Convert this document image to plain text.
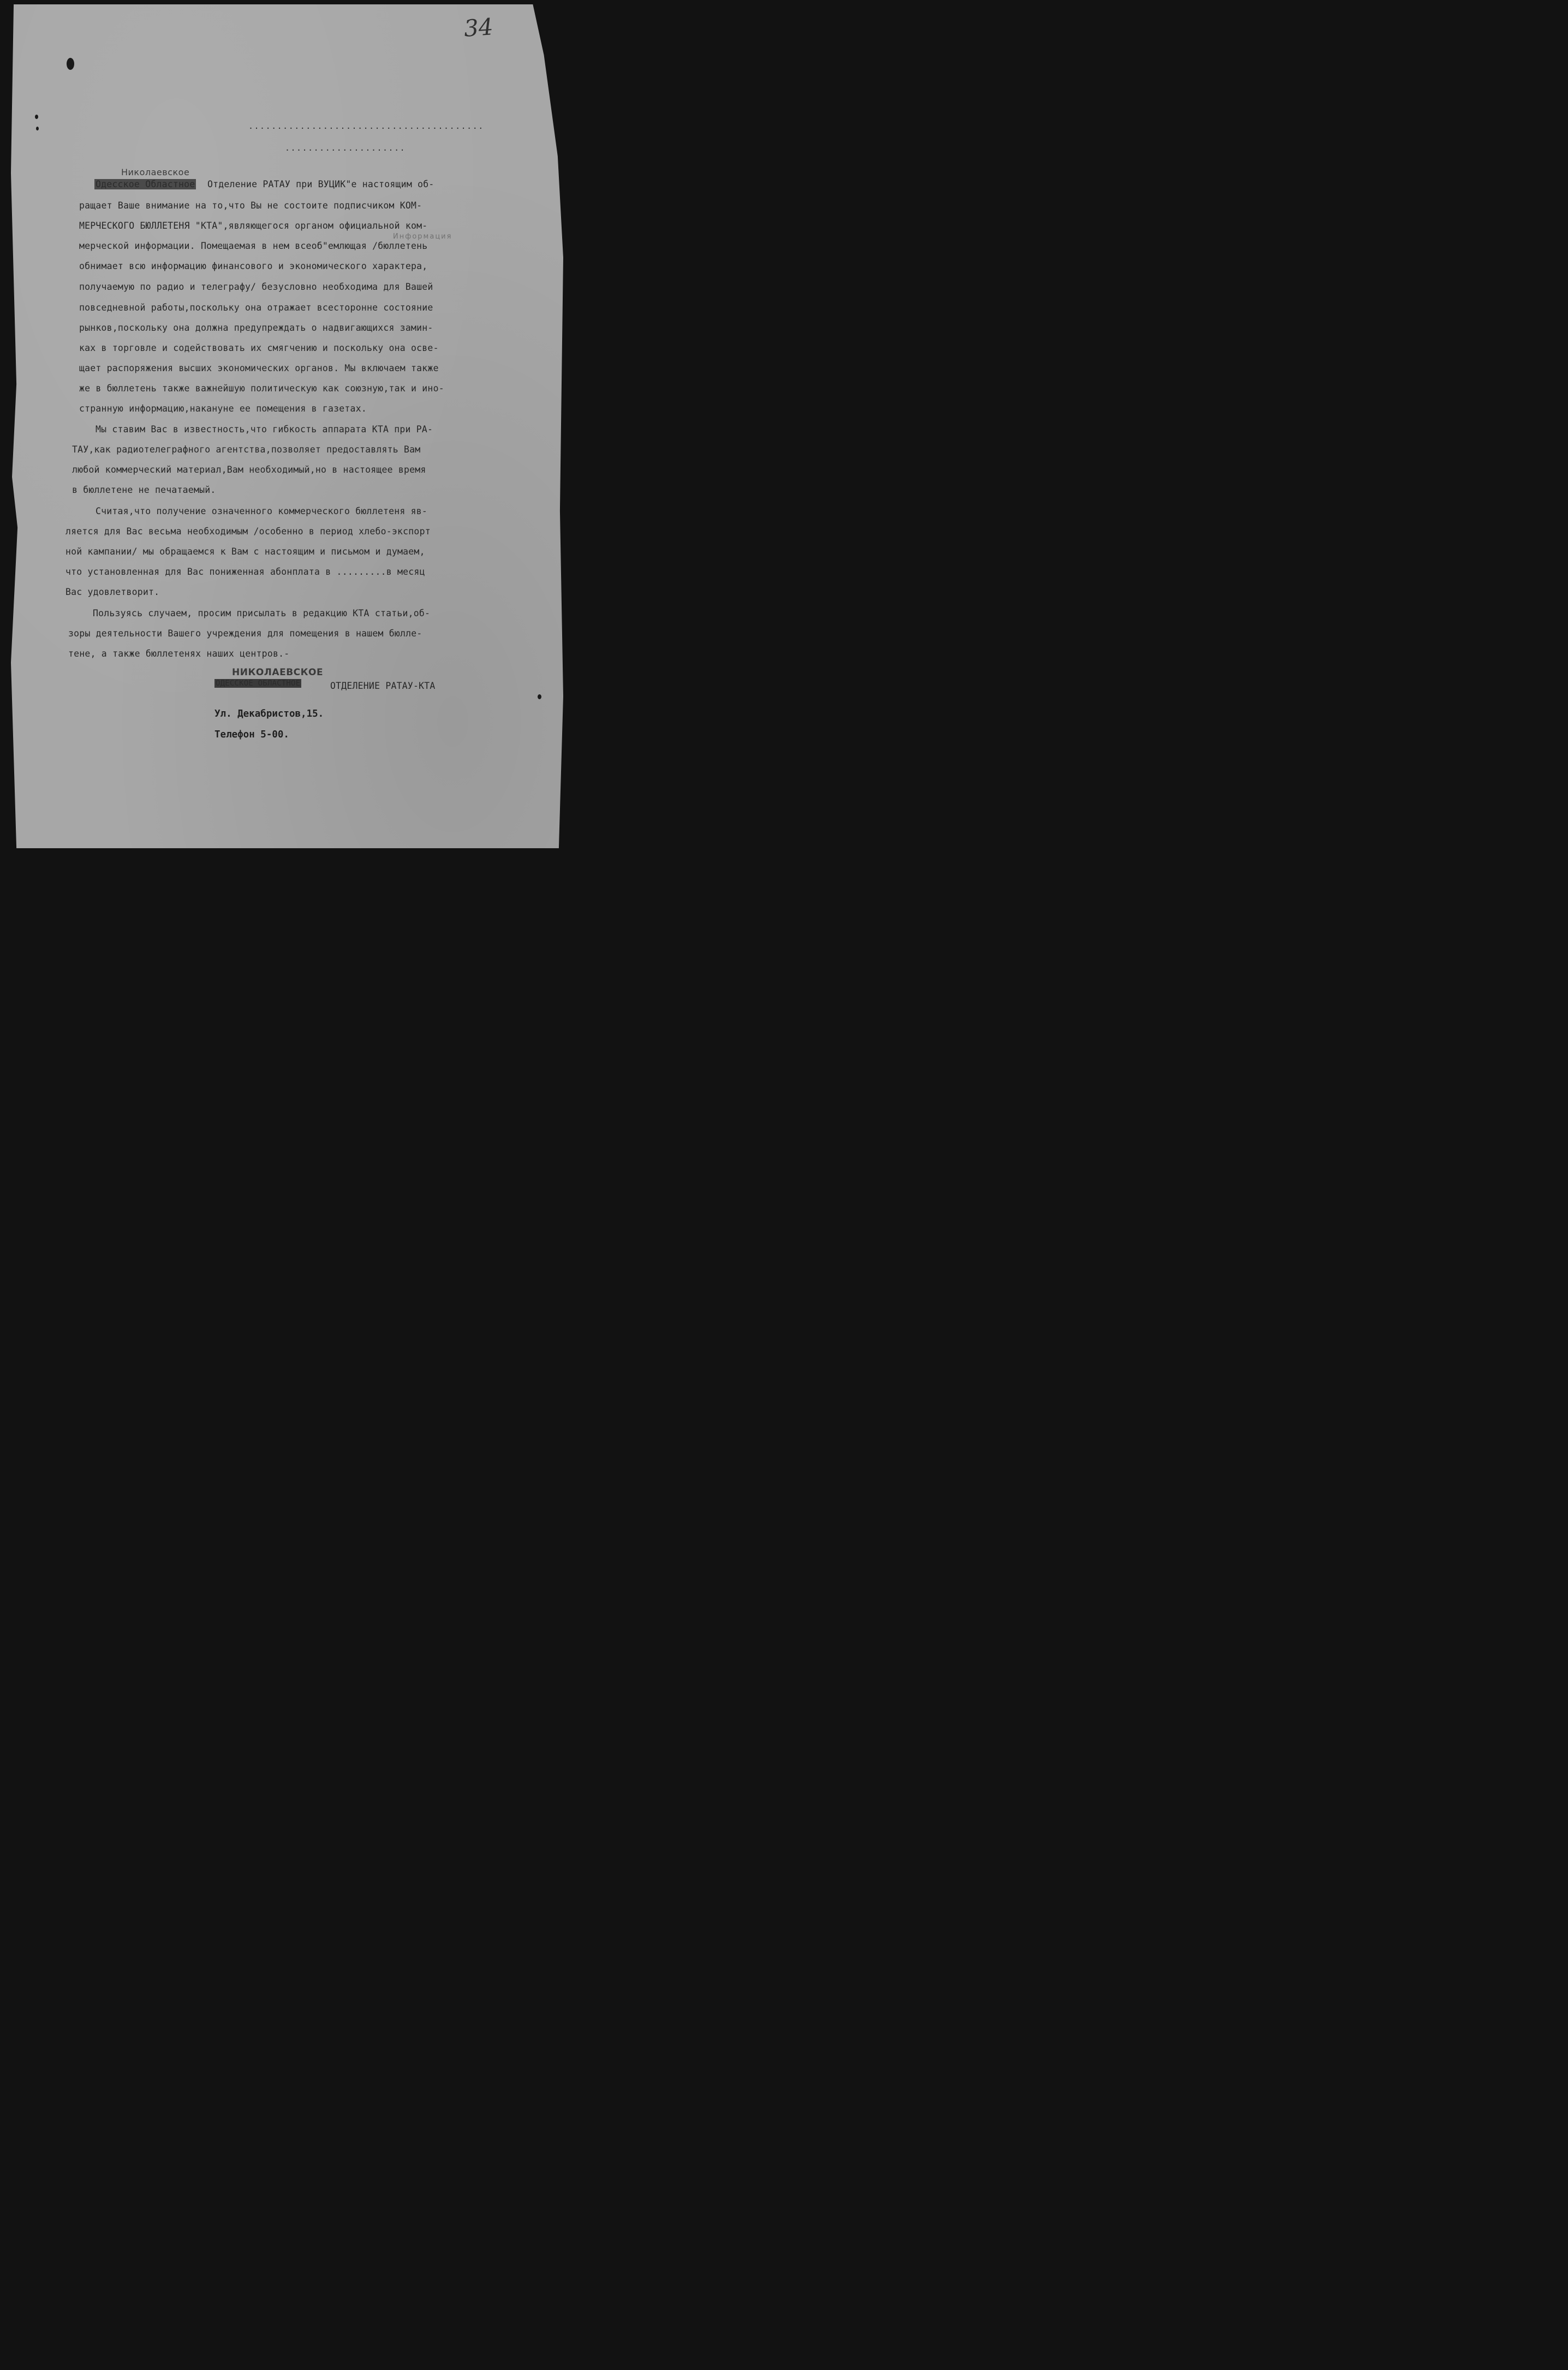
34
.........................................
.....................
Николаевское
Одесское Областное
Информация
Отделение РАТАУ при ВУЦИК"е настоящим об-
ращает Ваше внимание на то,что Вы не состоите подписчиком КОМ-
МЕРЧЕСКОГО БЮЛЛЕТЕНЯ "КТА",являющегося органом официальной ком-
мерческой информации. Помещаемая в нем всеоб"емлющая /бюллетень
обнимает всю информацию финансового и экономического характера,
получаемую по радио и телеграфу/ безусловно необходима для Вашей
повседневной работы,поскольку она отражает всесторонне состояние
рынков,поскольку она должна предупреждать о надвигающихся замин-
ках в торговле и содействовать их смягчению и поскольку она осве-
щает распоряжения высших экономических органов. Мы включаем также
же в бюллетень также важнейшую политическую как союзную,так и ино-
странную информацию,накануне ее помещения в газетах.
Мы ставим Вас в известность,что гибкость аппарата КТА при РА-
ТАУ,как радиотелеграфного агентства,позволяет предоставлять Вам
любой коммерческий материал,Вам необходимый,но в настоящее время
в бюллетене не печатаемый.
Считая,что получение означенного коммерческого бюллетеня яв-
ляется для Вас весьма необходимым /особенно в период хлебо-экспорт
ной кампании/ мы обращаемся к Вам с настоящим и письмом и думаем,
что установленная для Вас пониженная абонплата в .........в месяц
Вас удовлетворит.
Пользуясь случаем, просим присылать в редакцию КТА статьи,об-
зоры деятельности Вашего учреждения для помещения в нашем бюлле-
тене, а также бюллетенях наших центров.-
НИКОЛАЕВСКОЕ
ОДЕССКОЕ ОБЛАСТНОЕ	ОТДЕЛЕНИЕ РАТАУ-КТА
Ул. Декабристов,15.
Телефон 5-00.
